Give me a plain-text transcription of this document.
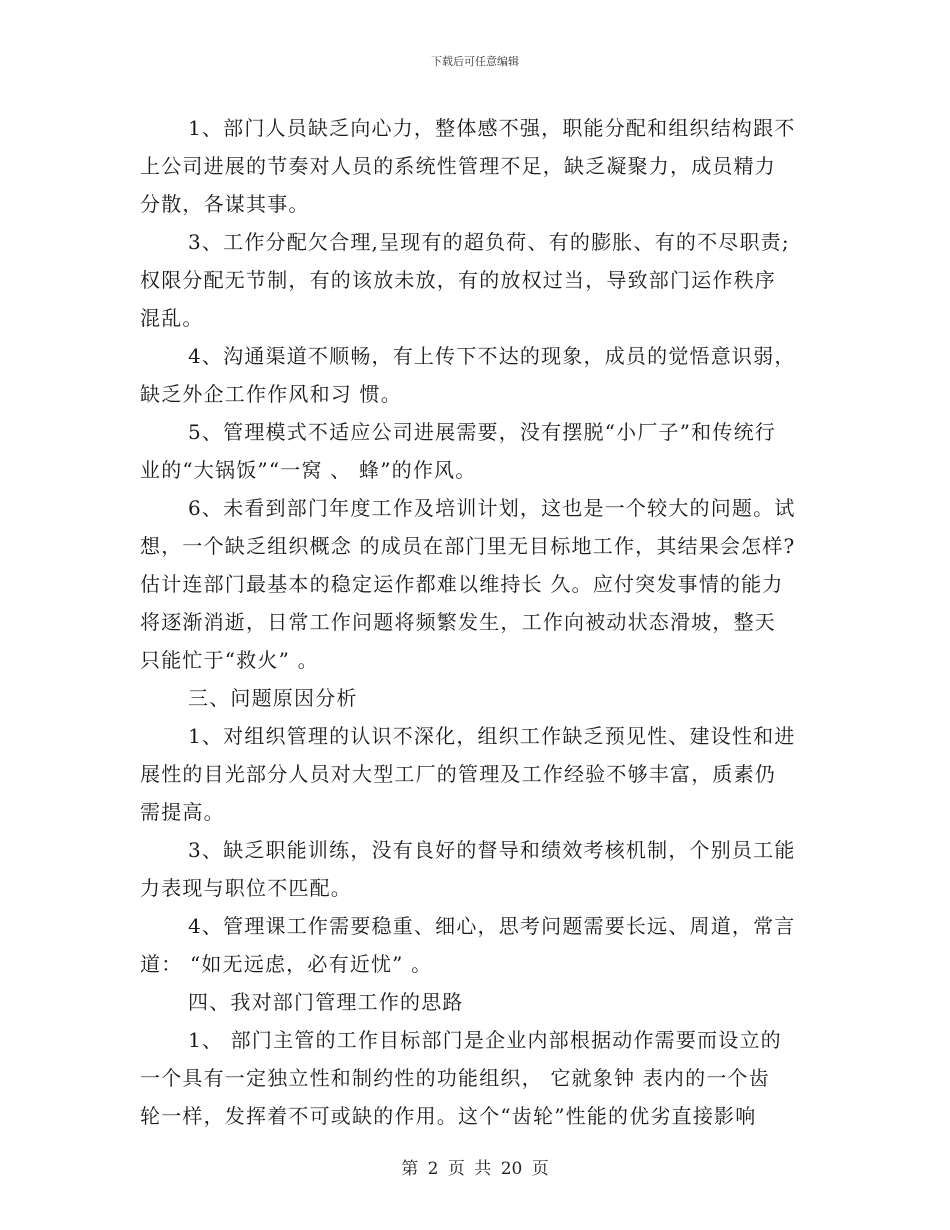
下载后可任意编辑
1、部门人员缺乏向心力，整体感不强，职能分配和组织结构跟不
上公司进展的节奏对人员的系统性管理不足，缺乏凝聚力，成员精力
分散，各谋其事。
3、工作分配欠合理,呈现有的超负荷、有的膨胀、有的不尽职责;
权限分配无节制，有的该放未放，有的放权过当，导致部门运作秩序
混乱。
4、沟通渠道不顺畅，有上传下不达的现象，成员的觉悟意识弱，
缺乏外企工作作风和习 惯。
5、管理模式不适应公司进展需要，没有摆脱“小厂子”和传统行
业的“大锅饭”“一窝 、 蜂”的作风。
6、未看到部门年度工作及培训计划，这也是一个较大的问题。试
想，一个缺乏组织概念 的成员在部门里无目标地工作，其结果会怎样?
估计连部门最基本的稳定运作都难以维持长 久。应付突发事情的能力
将逐渐消逝，日常工作问题将频繁发生，工作向被动状态滑坡，整天
只能忙于“救火” 。
三、问题原因分析
1、对组织管理的认识不深化，组织工作缺乏预见性、建设性和进
展性的目光部分人员对大型工厂的管理及工作经验不够丰富，质素仍
需提高。
3、缺乏职能训练，没有良好的督导和绩效考核机制，个别员工能
力表现与职位不匹配。
4、管理课工作需要稳重、细心，思考问题需要长远、周道，常言
道： “如无远虑，必有近忧” 。
四、我对部门管理工作的思路
1、 部门主管的工作目标部门是企业内部根据动作需要而设立的
一个具有一定独立性和制约性的功能组织， 它就象钟 表内的一个齿
轮一样，发挥着不可或缺的作用。这个“齿轮”性能的优劣直接影响
第 2 页 共 20 页
